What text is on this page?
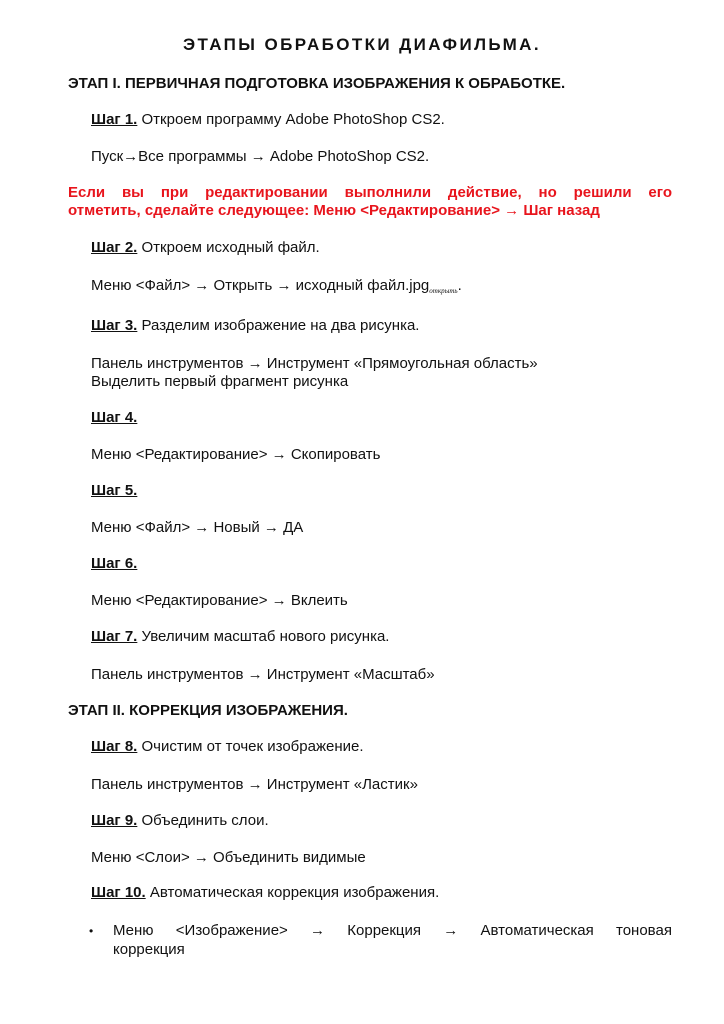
ЭТАПЫ ОБРАБОТКИ ДИАФИЛЬМА.
ЭТАП I. ПЕРВИЧНАЯ ПОДГОТОВКА ИЗОБРАЖЕНИЯ К ОБРАБОТКЕ.
Шаг 1. Откроем программу Adobe PhotoShop CS2.
Пуск→Все программы → Adobe PhotoShop CS2.
Если вы при редактировании выполнили действие, но решили его
отметить, сделайте следующее: Меню <Редактирование> → Шаг назад
Шаг 2. Откроем исходный файл.
Меню <Файл> → Открыть → исходный файл.jpg$_{открыть}$.
Шаг 3. Разделим изображение на два рисунка.
Панель инструментов → Инструмент «Прямоугольная область»
Выделить первый фрагмент рисунка
Шаг 4.
Меню <Редактирование> → Скопировать
Шаг 5.
Меню <Файл> → Новый → ДА
Шаг 6.
Меню <Редактирование> → Вклеить
Шаг 7. Увеличим масштаб нового рисунка.
Панель инструментов → Инструмент «Масштаб»
ЭТАП II. КОРРЕКЦИЯ ИЗОБРАЖЕНИЯ.
Шаг 8. Очистим от точек изображение.
Панель инструментов → Инструмент «Ластик»
Шаг 9. Объединить слои.
Меню <Слои> → Объединить видимые
Шаг 10. Автоматическая коррекция изображения.
• Меню <Изображение> → Коррекция → Автоматическая тоновая
коррекция
